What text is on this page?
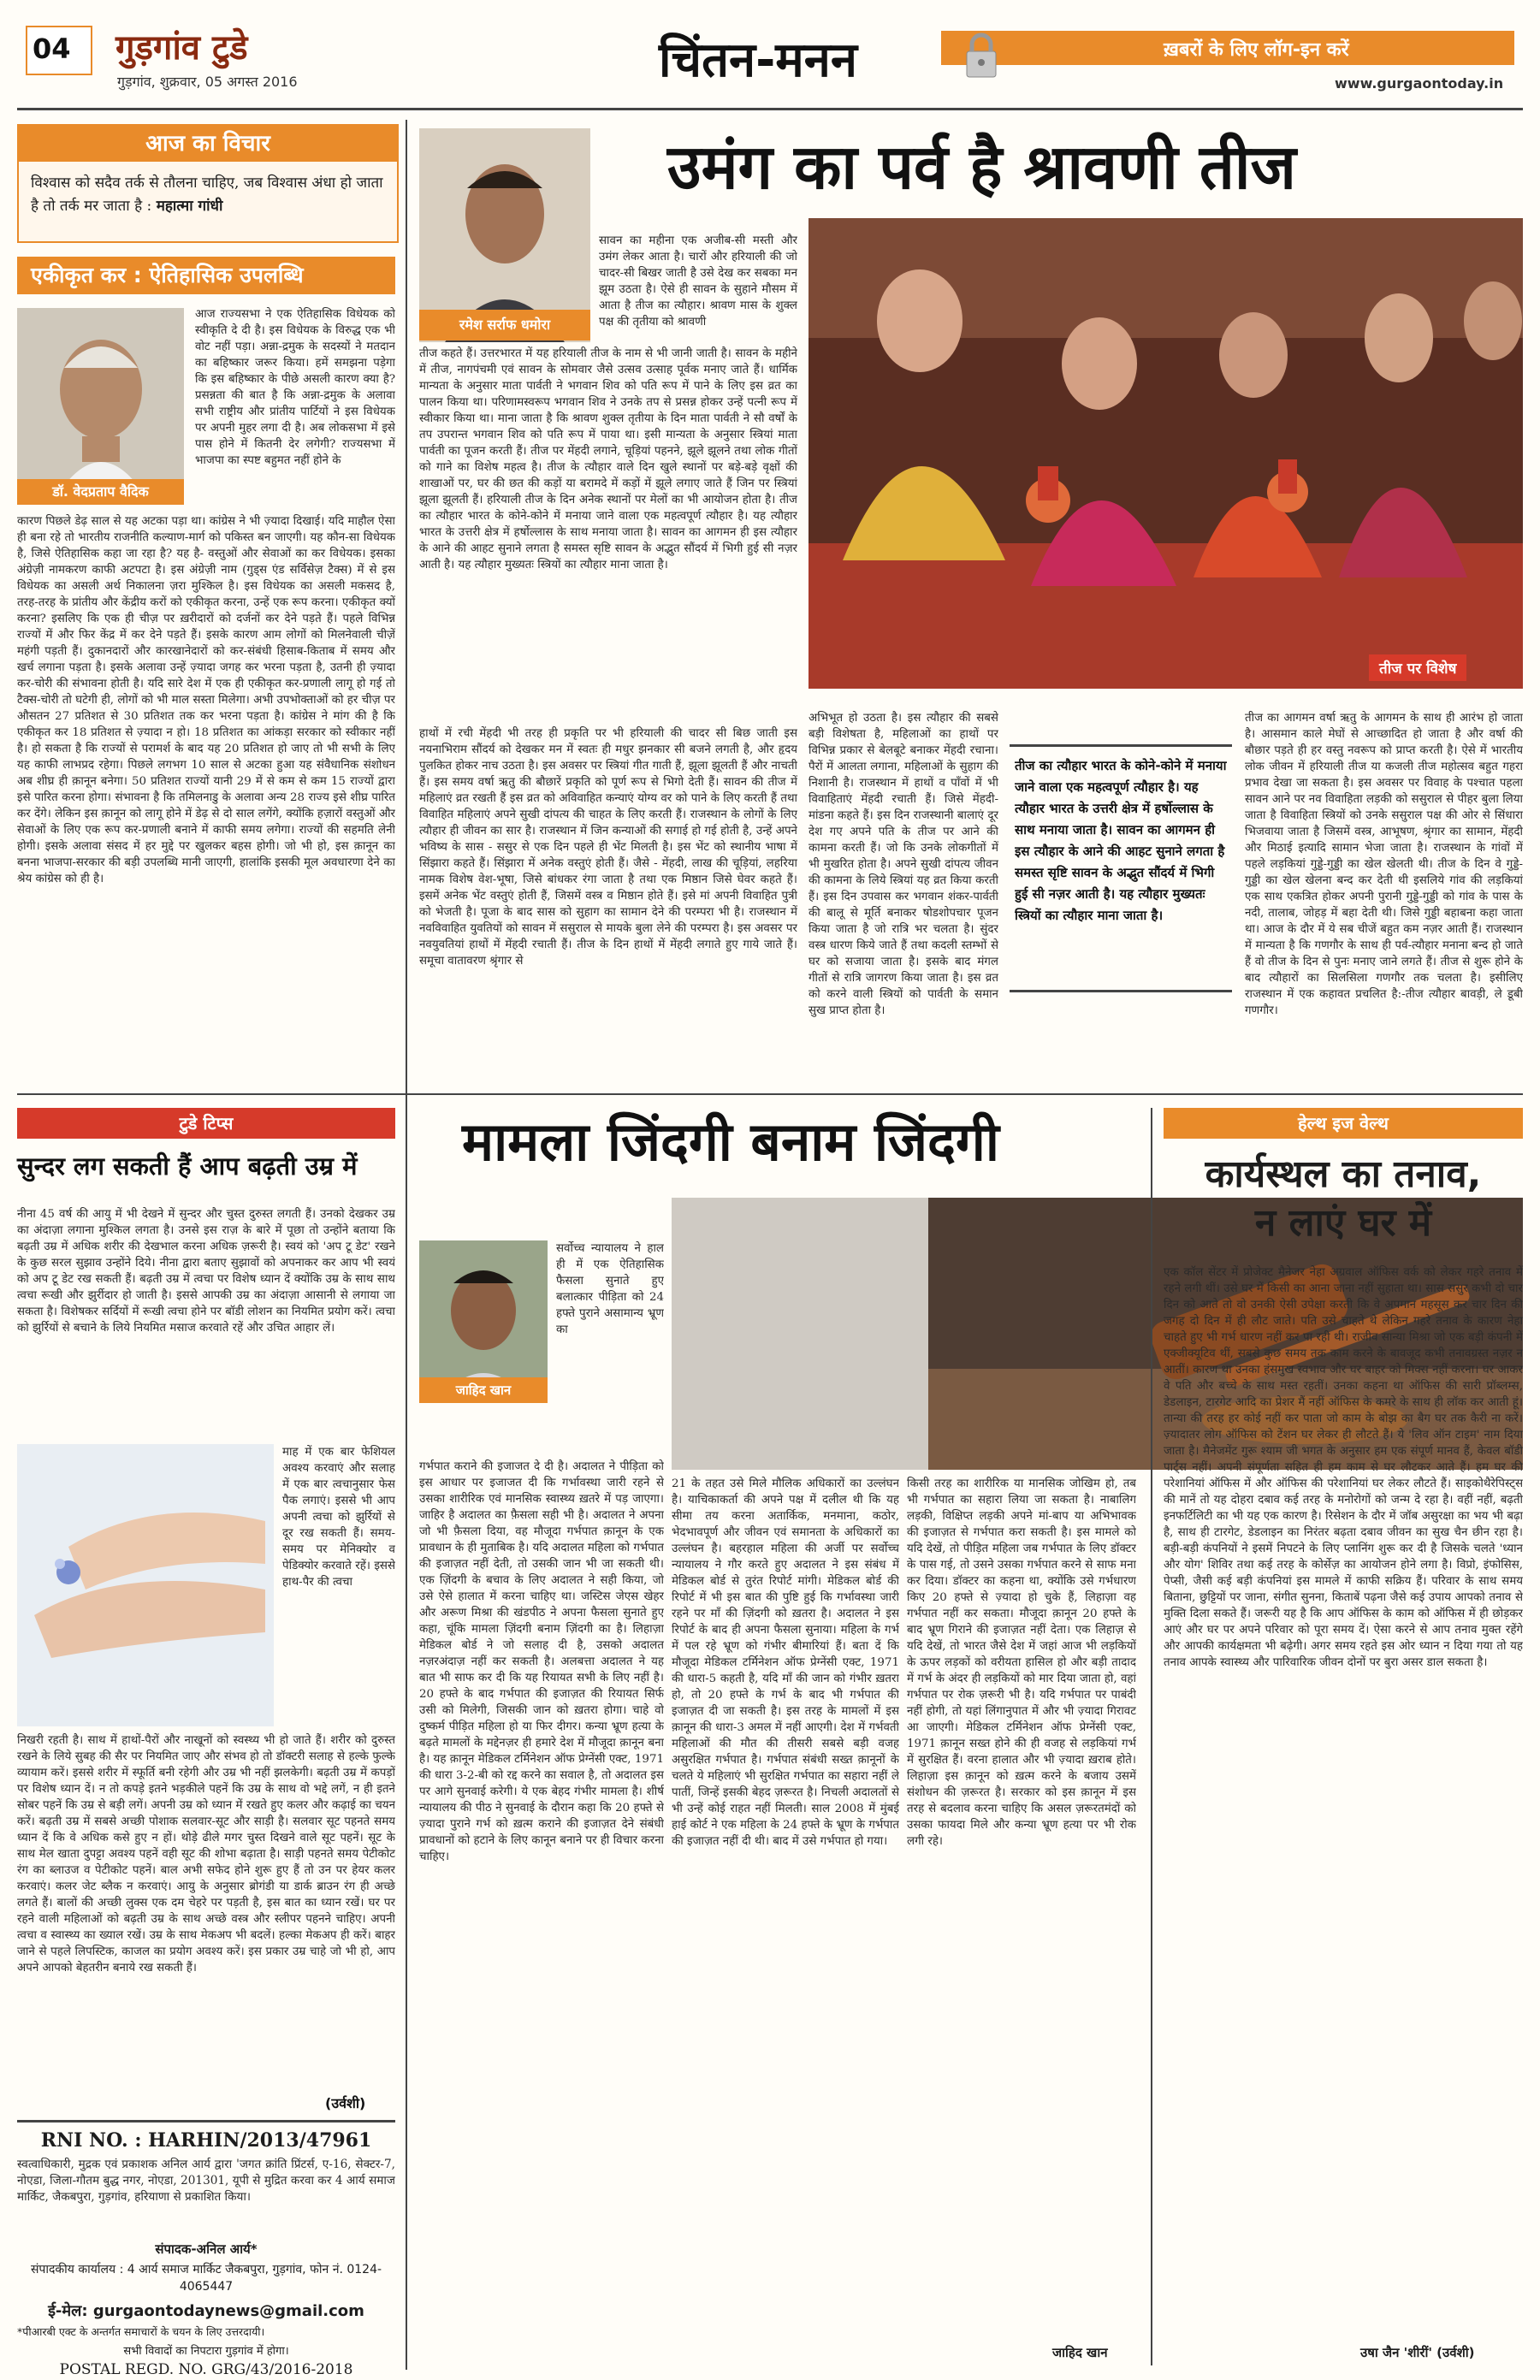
04 गुड़गांव टुडे
गुड़गांव, शुक्रवार, 05 अगस्त 2016	चिंतन-मनन	ख़बरों के लिए लॉग-इन करें
www.gurgaontoday.in
आज का विचार
विश्वास को सदैव तर्क से तौलना चाहिए, जब विश्वास अंधा हो जाता है तो तर्क मर जाता है : महात्मा गांधी
एकीकृत कर : ऐतिहासिक उपलब्धि
डॉ. वेदप्रताप वैदिक
आज राज्यसभा ने एक ऐतिहासिक विधेयक को स्वीकृति दे दी है। इस विधेयक के विरुद्ध एक भी वोट नहीं पड़ा। अन्ना-द्रमुक के सदस्यों ने मतदान का बहिष्कार जरूर किया। हमें समझना पड़ेगा कि इस बहिष्कार के पीछे असली कारण क्या है? प्रसन्नता की बात है कि अन्ना-द्रमुक के अलावा सभी राष्ट्रीय और प्रांतीय पार्टियों ने इस विधेयक पर अपनी मुहर लगा दी है। अब लोकसभा में इसे पास होने में कितनी देर लगेगी? राज्यसभा में भाजपा का स्पष्ट बहुमत नहीं होने के
कारण पिछले डेढ़ साल से यह अटका पड़ा था। कांग्रेस ने भी ज़्यादा दिखाई। यदि माहौल ऐसा ही बना रहे तो भारतीय राजनीति कल्याण-मार्ग को पकिस्त बन जाएगी। यह कौन-सा विधेयक है, जिसे ऐतिहासिक कहा जा रहा है? यह है- वस्तुओं और सेवाओं का कर विधेयक। इसका अंग्रेज़ी नामकरण काफी अटपटा है। इस अंग्रेज़ी नाम (गुड्स एंड सर्विसेज़ टैक्स) में से इस विधेयक का असली अर्थ निकालना ज़रा मुश्किल है। इस विधेयक का असली मकसद है, तरह-तरह के प्रांतीय और केंद्रीय करों को एकीकृत करना, उन्हें एक रूप करना। एकीकृत क्यों करना? इसलिए कि एक ही चीज़ पर ख़रीदारों को दर्जनों कर देने पड़ते हैं। पहले विभिन्न राज्यों में और फिर केंद्र में कर देने पड़ते हैं। इसके कारण आम लोगों को मिलनेवाली चीज़ें महंगी पड़ती हैं। दुकानदारों और कारखानेदारों को कर-संबंधी हिसाब-किताब में समय और खर्च लगाना पड़ता है। इसके अलावा उन्हें ज़्यादा जगह कर भरना पड़ता है, उतनी ही ज़्यादा कर-चोरी की संभावना होती है। यदि सारे देश में एक ही एकीकृत कर-प्रणाली लागू हो गई तो टैक्स-चोरी तो घटेगी ही, लोगों को भी माल सस्ता मिलेगा। अभी उपभोक्ताओं को हर चीज़ पर औसतन 27 प्रतिशत से 30 प्रतिशत तक कर भरना पड़ता है। कांग्रेस ने मांग की है कि एकीकृत कर 18 प्रतिशत से ज़्यादा न हो। 18 प्रतिशत का आंकड़ा सरकार को स्वीकार नहीं है। हो सकता है कि राज्यों से परामर्श के बाद यह 20 प्रतिशत हो जाए तो भी सभी के लिए यह काफी लाभप्रद रहेगा। पिछले लगभग 10 साल से अटका हुआ यह संवैधानिक संशोधन अब शीघ्र ही क़ानून बनेगा। 50 प्रतिशत राज्यों यानी 29 में से कम से कम 15 राज्यों द्वारा इसे पारित करना होगा। संभावना है कि तमिलनाडु के अलावा अन्य 28 राज्य इसे शीघ्र पारित कर देंगे। लेकिन इस क़ानून को लागू होने में डेढ़ से दो साल लगेंगे, क्योंकि हज़ारों वस्तुओं और सेवाओं के लिए एक रूप कर-प्रणाली बनाने में काफी समय लगेगा। राज्यों की सहमति लेनी होगी। इसके अलावा संसद में हर मुद्दे पर खुलकर बहस होगी। जो भी हो, इस क़ानून का बनना भाजपा-सरकार की बड़ी उपलब्धि मानी जाएगी, हालांकि इसकी मूल अवधारणा देने का श्रेय कांग्रेस को ही है।
उमंग का पर्व है श्रावणी तीज
रमेश सर्राफ धमोरा
सावन का महीना एक अजीब-सी मस्ती और उमंग लेकर आता है। चारों और हरियाली की जो चादर-सी बिखर जाती है उसे देख कर सबका मन झूम उठता है। ऐसे ही सावन के सुहाने मौसम में आता है तीज का त्यौहार। श्रावण मास के शुक्ल पक्ष की तृतीया को श्रावणी
तीज कहते हैं। उत्तरभारत में यह हरियाली तीज के नाम से भी जानी जाती है। सावन के महीने में तीज, नागपंचमी एवं सावन के सोमवार जैसे उत्सव उत्साह पूर्वक मनाए जाते हैं। धार्मिक मान्यता के अनुसार माता पार्वती ने भगवान शिव को पति रूप में पाने के लिए इस व्रत का पालन किया था। परिणामस्वरूप भगवान शिव ने उनके तप से प्रसन्न होकर उन्हें पत्नी रूप में स्वीकार किया था। माना जाता है कि श्रावण शुक्ल तृतीया के दिन माता पार्वती ने सौ वर्षों के तप उपरान्त भगवान शिव को पति रूप में पाया था। इसी मान्यता के अनुसार स्त्रियां माता पार्वती का पूजन करती हैं। तीज पर मेंहदी लगाने, चूड़ियां पहनने, झूले झूलने तथा लोक गीतों को गाने का विशेष महत्व है। तीज के त्यौहार वाले दिन खुले स्थानों पर बड़े-बड़े वृक्षों की शाखाओं पर, घर की छत की कड़ों या बरामदे में कड़ों में झूले लगाए जाते हैं जिन पर स्त्रियां झूला झूलती हैं। हरियाली तीज के दिन अनेक स्थानों पर मेलों का भी आयोजन होता है। तीज का त्यौहार भारत के कोने-कोने में मनाया जाने वाला एक महत्वपूर्ण त्यौहार है। यह त्यौहार भारत के उत्तरी क्षेत्र में हर्षोल्लास के साथ मनाया जाता है। सावन का आगमन ही इस त्यौहार के आने की आहट सुनाने लगता है समस्त सृष्टि सावन के अद्भुत सौंदर्य में भिगी हुई सी नज़र आती है। यह त्यौहार मुख्यतः स्त्रियों का त्यौहार माना जाता है।
हाथों में रची मेंहदी भी तरह ही प्रकृति पर भी हरियाली की चादर सी बिछ जाती इस नयनाभिराम सौंदर्य को देखकर मन में स्वतः ही मधुर झनकार सी बजने लगती है, और हृदय पुलकित होकर नाच उठता है। इस अवसर पर स्त्रियां गीत गाती हैं, झूला झूलती हैं और नाचती हैं। इस समय वर्षा ऋतु की बौछारें प्रकृति को पूर्ण रूप से भिगो देती हैं। सावन की तीज में महिलाएं व्रत रखती हैं इस व्रत को अविवाहित कन्याएं योग्य वर को पाने के लिए करती हैं तथा विवाहित महिलाएं अपने सुखी दांपत्य की चाहत के लिए करती हैं। राजस्थान के लोगों के लिए त्यौहार ही जीवन का सार है। राजस्थान में जिन कन्याओं की सगाई हो गई होती है, उन्हें अपने भविष्य के सास - ससुर से एक दिन पहले ही भेंट मिलती है। इस भेंट को स्थानीय भाषा में सिंझारा कहते हैं। सिंझारा में अनेक वस्तुएं होती हैं। जैसे - मेंहदी, लाख की चूड़ियां, लहरिया नामक विशेष वेश-भूषा, जिसे बांधकर रंगा जाता है तथा एक मिष्ठान जिसे घेवर कहते हैं। इसमें अनेक भेंट वस्तुएं होती हैं, जिसमें वस्त्र व मिष्ठान होते हैं। इसे मां अपनी विवाहित पुत्री को भेजती है। पूजा के बाद सास को सुहाग का सामान देने की परम्परा भी है। राजस्थान में नवविवाहित युवतियों को सावन में ससुराल से मायके बुला लेने की परम्परा है। इस अवसर पर नवयुवतियां हाथों में मेंहदी रचाती हैं। तीज के दिन हाथों में मेंहदी लगाते हुए गाये जाते हैं। समूचा वातावरण श्रृंगार से
तीज पर विशेष
अभिभूत हो उठता है। इस त्यौहार की सबसे बड़ी विशेषता है, महिलाओं का हाथों पर विभिन्न प्रकार से बेलबूटे बनाकर मेंहदी रचाना। पैरों में आलता लगाना, महिलाओं के सुहाग की निशानी है। राजस्थान में हाथों व पाँवों में भी विवाहिताएं मेंहदी रचाती हैं। जिसे मेंहदी- मांडना कहते हैं। इस दिन राजस्थानी बालाएं दूर देश गए अपने पति के तीज पर आने की कामना करती हैं। जो कि उनके लोकगीतों में भी मुखरित होता है। अपने सुखी दांपत्य जीवन की कामना के लिये स्त्रियां यह व्रत किया करती हैं। इस दिन उपवास कर भगवान शंकर-पार्वती की बालू से मूर्ति बनाकर षोडशोपचार पूजन किया जाता है जो रात्रि भर चलता है। सुंदर वस्त्र धारण किये जाते हैं तथा कदली स्तम्भों से घर को सजाया जाता है। इसके बाद मंगल गीतों से रात्रि जागरण किया जाता है। इस व्रत को करने वाली स्त्रियों को पार्वती के समान सुख प्राप्त होता है।
तीज का त्यौहार भारत के कोने-कोने में मनाया जाने वाला एक महत्वपूर्ण त्यौहार है। यह त्यौहार भारत के उत्तरी क्षेत्र में हर्षोल्लास के साथ मनाया जाता है। सावन का आगमन ही इस त्यौहार के आने की आहट सुनाने लगता है समस्त सृष्टि सावन के अद्भुत सौंदर्य में भिगी हुई सी नज़र आती है। यह त्यौहार मुख्यतः स्त्रियों का त्यौहार माना जाता है।
तीज का आगमन वर्षा ऋतु के आगमन के साथ ही आरंभ हो जाता है। आसमान काले मेघों से आच्छादित हो जाता है और वर्षा की बौछार पड़ते ही हर वस्तु नवरूप को प्राप्त करती है। ऐसे में भारतीय लोक जीवन में हरियाली तीज या कजली तीज महोत्सव बहुत गहरा प्रभाव देखा जा सकता है। इस अवसर पर विवाह के पश्चात पहला सावन आने पर नव विवाहिता लड़की को ससुराल से पीहर बुला लिया जाता है विवाहिता स्त्रियों को उनके ससुराल पक्ष की ओर से सिंधारा भिजवाया जाता है जिसमें वस्त्र, आभूषण, श्रृंगार का सामान, मेंहदी और मिठाई इत्यादि सामान भेजा जाता है। राजस्थान के गांवों में पहले लड़कियां गुड्डे-गुड्डी का खेल खेलती थी। तीज के दिन वे गुड्डे-गुड्डी का खेल खेलना बन्द कर देती थी इसलिये गांव की लड़कियां एक साथ एकत्रित होकर अपनी पुरानी गुड्डे-गुड्डी को गांव के पास के नदी, तालाब, जोहड़ में बहा देती थी। जिसे गुड्डी बहाबना कहा जाता था। आज के दौर में ये सब चीजें बहुत कम नज़र आती हैं। राजस्थान में मान्यता है कि गणगौर के साथ ही पर्व-त्यौहार मनाना बन्द हो जाते हैं वो तीज के दिन से पुनः मनाए जाने लगते हैं। तीज से शुरू होने के बाद त्यौहारों का सिलसिला गणगौर तक चलता है। इसीलिए राजस्थान में एक कहावत प्रचलित है:-तीज त्यौहार बावड़ी, ले डूबी गणगौर।
टुडे टिप्स
सुन्दर लग सकती हैं आप बढ़ती उम्र में
नीना 45 वर्ष की आयु में भी देखने में सुन्दर और चुस्त दुरुस्त लगती हैं। उनको देखकर उम्र का अंदाज़ा लगाना मुश्किल लगता है। उनसे इस राज़ के बारे में पूछा तो उन्होंने बताया कि बढ़ती उम्र में अधिक शरीर की देखभाल करना अधिक ज़रूरी है। स्वयं को 'अप टू डेट' रखने के कुछ सरल सुझाव उन्होंने दिये। नीना द्वारा बताए सुझावों को अपनाकर कर आप भी स्वयं को अप टू डेट रख सकती हैं। बढ़ती उम्र में त्वचा पर विशेष ध्यान दें क्योंकि उम्र के साथ साथ त्वचा रूखी और झुर्रीदार हो जाती है। इससे आपकी उम्र का अंदाज़ा आसानी से लगाया जा सकता है। विशेषकर सर्दियों में रूखी त्वचा होने पर बॉडी लोशन का नियमित प्रयोग करें। त्वचा को झुर्रियों से बचाने के लिये नियमित मसाज करवाते रहें और उचित आहार लें।
माह में एक बार फेशियल अवश्य करवाएं और सलाह में एक बार त्वचानुसार फेस पैक लगाएं। इससे भी आप अपनी त्वचा को झुर्रियों से दूर रख सकती हैं। समय-समय पर मेनिक्योर व पेडिक्योर करवाते रहें। इससे हाथ-पैर की त्वचा
निखरी रहती है। साथ में हाथों-पैरों और नाखूनों को स्वस्थ्य भी हो जाते हैं। शरीर को दुरुस्त रखने के लिये सुबह की सैर पर नियमित जाए और संभव हो तो डॉक्टरी सलाह से हल्के फुल्के व्यायाम करें। इससे शरीर में स्फूर्ति बनी रहेगी और उम्र भी नहीं झलकेगी। बढ़ती उम्र में कपड़ों पर विशेष ध्यान दें। न तो कपड़े इतने भड़कीले पहनें कि उम्र के साथ वो भद्दे लगें, न ही इतने सोबर पहनें कि उम्र से बड़ी लगें। अपनी उम्र को ध्यान में रखते हुए कलर और कढ़ाई का चयन करें। बढ़ती उम्र में सबसे अच्छी पोशाक सलवार-सूट और साड़ी है। सलवार सूट पहनते समय ध्यान दें कि वे अधिक कसे हुए न हों। थोड़े ढीले मगर चुस्त दिखने वाले सूट पहनें। सूट के साथ मेल खाता दुपट्टा अवश्य पहनें वही सूट की शोभा बढ़ाता है। साड़ी पहनते समय पेटीकोट रंग का ब्लाउज व पेटीकोट पहनें। बाल अभी सफेद होने शुरू हुए हैं तो उन पर हेयर कलर करवाएं। कलर जेट ब्लैक न करवाएं। आयु के अनुसार ब्रोगंडी या डार्क ब्राउन रंग ही अच्छे लगते हैं। बालों की अच्छी लुक्स एक दम चेहरे पर पड़ती है, इस बात का ध्यान रखें। घर पर रहने वाली महिलाओं को बढ़ती उम्र के साथ अच्छे वस्त्र और स्लीपर पहनने चाहिए। अपनी त्वचा व स्वास्थ्य का ख्याल रखें। उम्र के साथ मेकअप भी बदलें। हल्का मेकअप ही करें। बाहर जाने से पहले लिपस्टिक, काजल का प्रयोग अवश्य करें। इस प्रकार उम्र चाहे जो भी हो, आप अपने आपको बेहतरीन बनाये रख सकती हैं।
(उर्वशी)
RNI NO. : HARHIN/2013/47961
स्वत्वाधिकारी, मुद्रक एवं प्रकाशक अनिल आर्य द्वारा 'जगत क्रांति प्रिंटर्स, ए-16, सेक्टर-7, नोएडा, जिला-गौतम बुद्ध नगर, नोएडा, 201301, यूपी से मुद्रित करवा कर 4 आर्य समाज मार्किट, जैकबपुरा, गुड़गांव, हरियाणा से प्रकाशित किया।
संपादक-अनिल आर्य*
संपादकीय कार्यालय : 4 आर्य समाज मार्किट जैकबपुरा, गुड़गांव, फोन नं. 0124-4065447
ई-मेल: gurgaontodaynews@gmail.com
*पीआरबी एक्ट के अन्तर्गत समाचारों के चयन के लिए उत्तरदायी।
सभी विवादों का निपटारा गुड़गांव में होगा।
POSTAL REGD. NO. GRG/43/2016-2018
मामला जिंदगी बनाम जिंदगी
जाहिद खान
सर्वोच्च न्यायालय ने हाल ही में एक ऐतिहासिक फैसला सुनाते हुए बलात्कार पीड़िता को 24 हफ्ते पुराने असामान्य भ्रूण का
गर्भपात कराने की इजाजत दे दी है। अदालत ने पीड़िता को इस आधार पर इजाजत दी कि गर्भावस्था जारी रहने से उसका शारीरिक एवं मानसिक स्वास्थ्य ख़तरे में पड़ जाएगा। जाहिर है अदालत का फ़ैसला सही भी है। अदालत ने अपना जो भी फ़ैसला दिया, वह मौजूदा गर्भपात क़ानून के एक प्रावधान के ही मुताबिक है। यदि अदालत महिला को गर्भपात की इजाज़त नहीं देती, तो उसकी जान भी जा सकती थी। एक ज़िंदगी के बचाव के लिए अदालत ने सही किया, जो उसे ऐसे हालात में करना चाहिए था। जस्टिस जेएस खेहर और अरूण मिश्रा की खंडपीठ ने अपना फैसला सुनाते हुए कहा, चूंकि मामला ज़िंदगी बनाम ज़िंदगी का है। लिहाज़ा मेडिकल बोर्ड ने जो सलाह दी है, उसको अदालत नज़रअंदाज़ नहीं कर सकती है। अलबत्ता अदालत ने यह बात भी साफ कर दी कि यह रियायत सभी के लिए नहीं है। 20 हफ्ते के बाद गर्भपात की इजाज़त की रियायत सिर्फ उसी को मिलेगी, जिसकी जान को ख़तरा होगा। चाहे वो दुष्कर्म पीड़ित महिला हो या फिर दीगर। कन्या भ्रूण हत्या के बढ़ते मामलों के मद्देनज़र ही हमारे देश में मौजूदा क़ानून बना है। यह क़ानून मेडिकल टर्मिनेशन ऑफ प्रेग्नेंसी एक्ट, 1971 की धारा 3-2-बी को रद्द करने का सवाल है, तो अदालत इस पर आगे सुनवाई करेगी। ये एक बेहद गंभीर मामला है। शीर्ष न्यायालय की पीठ ने सुनवाई के दौरान कहा कि 20 हफ्ते से ज़्यादा पुराने गर्भ को ख़त्म कराने की इजाज़त देने संबंधी प्रावधानों को हटाने के लिए कानून बनाने पर ही विचार करना चाहिए।
21 के तहत उसे मिले मौलिक अधिकारों का उल्लंघन है। याचिकाकर्ता की अपने पक्ष में दलील थी कि यह सीमा तय करना अतार्किक, मनमाना, कठोर, भेदभावपूर्ण और जीवन एवं समानता के अधिकारों का उल्लंघन है। बहरहाल महिला की अर्जी पर सर्वोच्च न्यायालय ने गौर करते हुए अदालत ने इस संबंध में मेडिकल बोर्ड से तुरंत रिपोर्ट मांगी। मेडिकल बोर्ड की रिपोर्ट में भी इस बात की पुष्टि हुई कि गर्भावस्था जारी रहने पर माँ की ज़िंदगी को ख़तरा है। अदालत ने इस रिपोर्ट के बाद ही अपना फैसला सुनाया। महिला के गर्भ में पल रहे भ्रूण को गंभीर बीमारियां हैं। बता दें कि मौजूदा मेडिकल टर्मिनेशन ऑफ प्रेग्नेंसी एक्ट, 1971 की धारा-5 कहती है, यदि माँ की जान को गंभीर ख़तरा हो, तो 20 हफ्ते के गर्भ के बाद भी गर्भपात की इजाज़त दी जा सकती है। इस तरह के मामलों में इस क़ानून की धारा-3 अमल में नहीं आएगी। देश में गर्भवती महिलाओं की मौत की तीसरी सबसे बड़ी वजह असुरक्षित गर्भपात है। गर्भपात संबंधी सख्त क़ानूनों के चलते ये महिलाएं भी सुरक्षित गर्भपात का सहारा नहीं ले पातीं, जिन्हें इसकी बेहद ज़रूरत है। निचली अदालतों से भी उन्हें कोई राहत नहीं मिलती। साल 2008 में मुंबई हाई कोर्ट ने एक महिला के 24 हफ्ते के भ्रूण के गर्भपात की इजाज़त नहीं दी थी। बाद में उसे गर्भपात हो गया।
किसी तरह का शारीरिक या मानसिक जोखिम हो, तब भी गर्भपात का सहारा लिया जा सकता है। नाबालिग लड़की, विक्षिप्त लड़की अपने मां-बाप या अभिभावक की इजाज़त से गर्भपात करा सकती है। इस मामले को यदि देखें, तो पीड़ित महिला जब गर्भपात के लिए डॉक्टर के पास गई, तो उसने उसका गर्भपात करने से साफ मना कर दिया। डॉक्टर का कहना था, क्योंकि उसे गर्भधारण किए 20 हफ्ते से ज़्यादा हो चुके हैं, लिहाज़ा वह गर्भपात नहीं कर सकता। मौजूदा क़ानून 20 हफ्ते के बाद भ्रूण गिराने की इजाज़त नहीं देता। एक लिहाज़ से यदि देखें, तो भारत जैसे देश में जहां आज भी लड़कियों के ऊपर लड़कों को वरीयता हासिल हो और बड़ी तादाद में गर्भ के अंदर ही लड़कियों को मार दिया जाता हो, वहां गर्भपात पर रोक ज़रूरी भी है। यदि गर्भपात पर पाबंदी नहीं होगी, तो यहां लिंगानुपात में और भी ज़्यादा गिरावट आ जाएगी। मेडिकल टर्मिनेशन ऑफ प्रेग्नेंसी एक्ट, 1971 क़ानून सख्त होने की ही वजह से लड़कियां गर्भ में सुरक्षित हैं। वरना हालात और भी ज़्यादा ख़राब होते। लिहाज़ा इस क़ानून को ख़त्म करने के बजाय उसमें संशोधन की ज़रूरत है। सरकार को इस क़ानून में इस तरह से बदलाव करना चाहिए कि असल ज़रूरतमंदों को उसका फायदा मिले और कन्या भ्रूण हत्या पर भी रोक लगी रहे।
जाहिद खान
हेल्थ इज वेल्थ
कार्यस्थल का तनाव,
न लाएं घर में
एक कॉल सेंटर में प्रोजेक्ट मैनेजर नेहा अग्रवाल ऑफिस वर्क को लेकर गहरे तनाव में रहने लगी थीं। उसे घर में किसी का आना जाना नहीं सुहाता था। सास ससुर कभी दो चार दिन को आते तो वो उनकी ऐसी उपेक्षा करती कि वे अपमान महसूस कर चार दिन की जगह दो दिन में ही लौट जाते। पति उसे चाहते थे लेकिन गहरे तनाव के कारण नेहा चाहते हुए भी गर्भ धारण नहीं कर पा रही थी। राजीव सान्या मिश्रा जो एक बड़ी कंपनी में एक्जीक्यूटिव थीं, सबसे कुछ समय तक काम करने के बावजूद कभी तनावग्रस्त नज़र न आतीं। कारण था उनका हंसमुख स्वभाव और घर बाहर को मिक्स नहीं करना। घर आकर वे पति और बच्चे के साथ मस्त रहतीं। उनका कहना था ऑफिस की सारी प्रॉब्लम्स, डेडलाइन, टारगेट आदि का प्रेशर मैं नहीं ऑफिस के कमरे के साथ ही लॉक कर आती हूं। तान्या की तरह हर कोई नहीं कर पाता जो काम के बोझ का बैग घर तक कैरी ना करें। ज़्यादातर लोग ऑफिस को टेंशन घर लेकर ही लौटते हैं। ये 'लिव ऑन टाइम' नाम दिया जाता है। मैनेजमेंट गुरू श्याम जी भगत के अनुसार हम एक संपूर्ण मानव हैं, केवल बॉडी पार्ट्स नहीं। अपनी संपूर्णता सहित ही हम काम से घर लौटकर आते हैं। हम घर की परेशानियां ऑफिस में और ऑफिस की परेशानियां घर लेकर लौटते हैं। साइकोथैरेपिस्ट्स की मानें तो यह दोहरा दबाव कई तरह के मनोरोगों को जन्म दे रहा है। वहीं नहीं, बढ़ती इनफर्टिलिटी का भी यह एक कारण है। रिसेशन के दौर में जॉब असुरक्षा का भय भी बढ़ा है, साथ ही टारगेट, डेडलाइन का निरंतर बढ़ता दबाव जीवन का सुख चैन छीन रहा है। बड़ी-बड़ी कंपनियों ने इसमें निपटने के लिए प्लानिंग शुरू कर दी है जिसके चलते 'ध्यान और योग' शिविर तथा कई तरह के कोर्सेज़ का आयोजन होने लगा है। विप्रो, इंफोसिस, पेप्सी, जैसी कई बड़ी कंपनियां इस मामले में काफी सक्रिय हैं। परिवार के साथ समय बिताना, छुट्टियों पर जाना, संगीत सुनना, किताबें पढ़ना जैसे कई उपाय आपको तनाव से मुक्ति दिला सकते हैं। जरूरी यह है कि आप ऑफिस के काम को ऑफिस में ही छोड़कर आएं और घर पर अपने परिवार को पूरा समय दें। ऐसा करने से आप तनाव मुक्त रहेंगे और आपकी कार्यक्षमता भी बढ़ेगी। अगर समय रहते इस ओर ध्यान न दिया गया तो यह तनाव आपके स्वास्थ्य और पारिवारिक जीवन दोनों पर बुरा असर डाल सकता है।
उषा जैन 'शीरीं' (उर्वशी)
